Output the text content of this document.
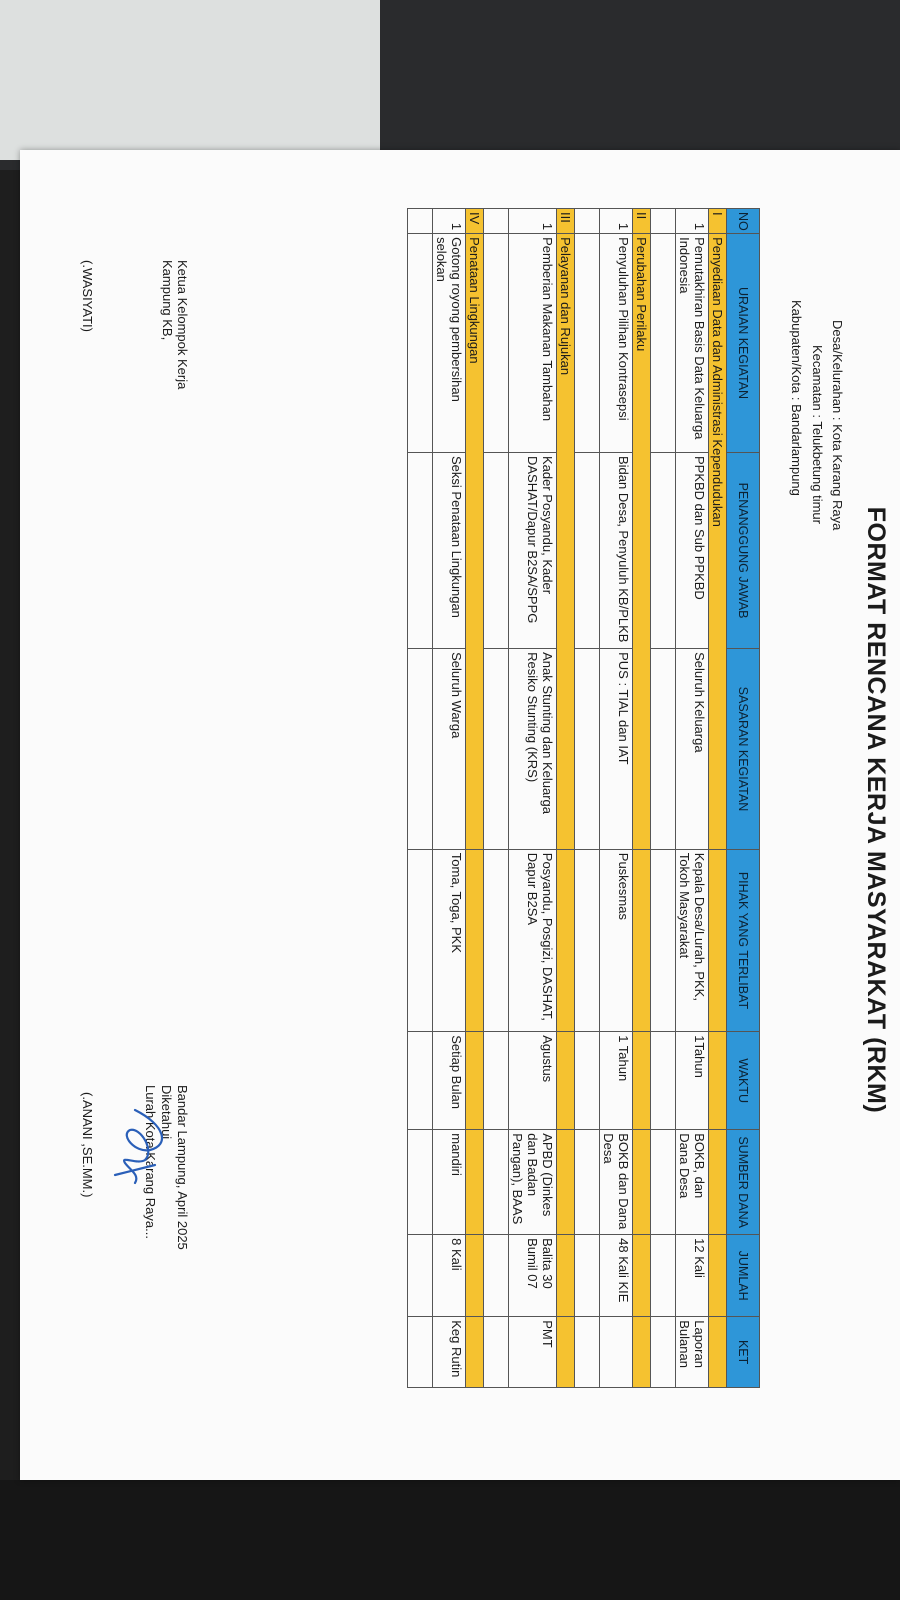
FORMAT RENCANA KERJA MASYARAKAT (RKM)
Desa/Kelurahan : Kota Karang Raya
Kecamatan : Telukbetung timur
Kabupaten/Kota : Bandarlampung
NO	URAIAN KEGIATAN	PENANGGUNG JAWAB	SASARAN KEGIATAN	PIHAK YANG TERLIBAT	WAKTU	SUMBER DANA	JUMLAH	KET
I	Penyediaan Data dan Administrasi Kependudukan							
1	Pemutakhiran Basis Data Keluarga Indonesia	PPKBD dan Sub PPKBD	Seluruh Keluarga	Kepala Desa/Lurah, PKK, Tokoh Masyarakat	1Tahun	BOKB, dan Dana Desa	12 Kali	Laporan Bulanan

II	Perubahan Perilaku							
1	Penyuluhan Pilihan Kontrasepsi	Bidan Desa, Penyuluh KB/PLKB	PUS : TIAL dan IAT	Puskesmas	1 Tahun	BOKB dan Dana Desa	48 Kali KIE	

III	Pelayanan dan Rujukan							
1	Pemberian Makanan Tambahan	Kader Posyandu, Kader DASHAT/Dapur B2SA/SPPG	Anak Stunting dan Keluarga Resiko Stunting (KRS)	Posyandu, Posgizi, DASHAT, Dapur B2SA	Agustus	APBD (Dinkes dan Badan Pangan), BAAS	Balita 30 Bumil 07	PMT

IV	Penataan Lingkungan							
1	Gotong royong pembersihan selokan	Seksi Penataan Lingkungan	Seluruh Warga	Toma, Toga, PKK	Setiap Bulan	mandiri	8 Kali	Keg Rutin

Ketua Kelompok Kerja
Kampung KB,
(.WASIYATI)
Bandar Lampung, April 2025
Diketahui
Lurah Kota Karang Raya...
(.ANANI ,SE.MM.)
